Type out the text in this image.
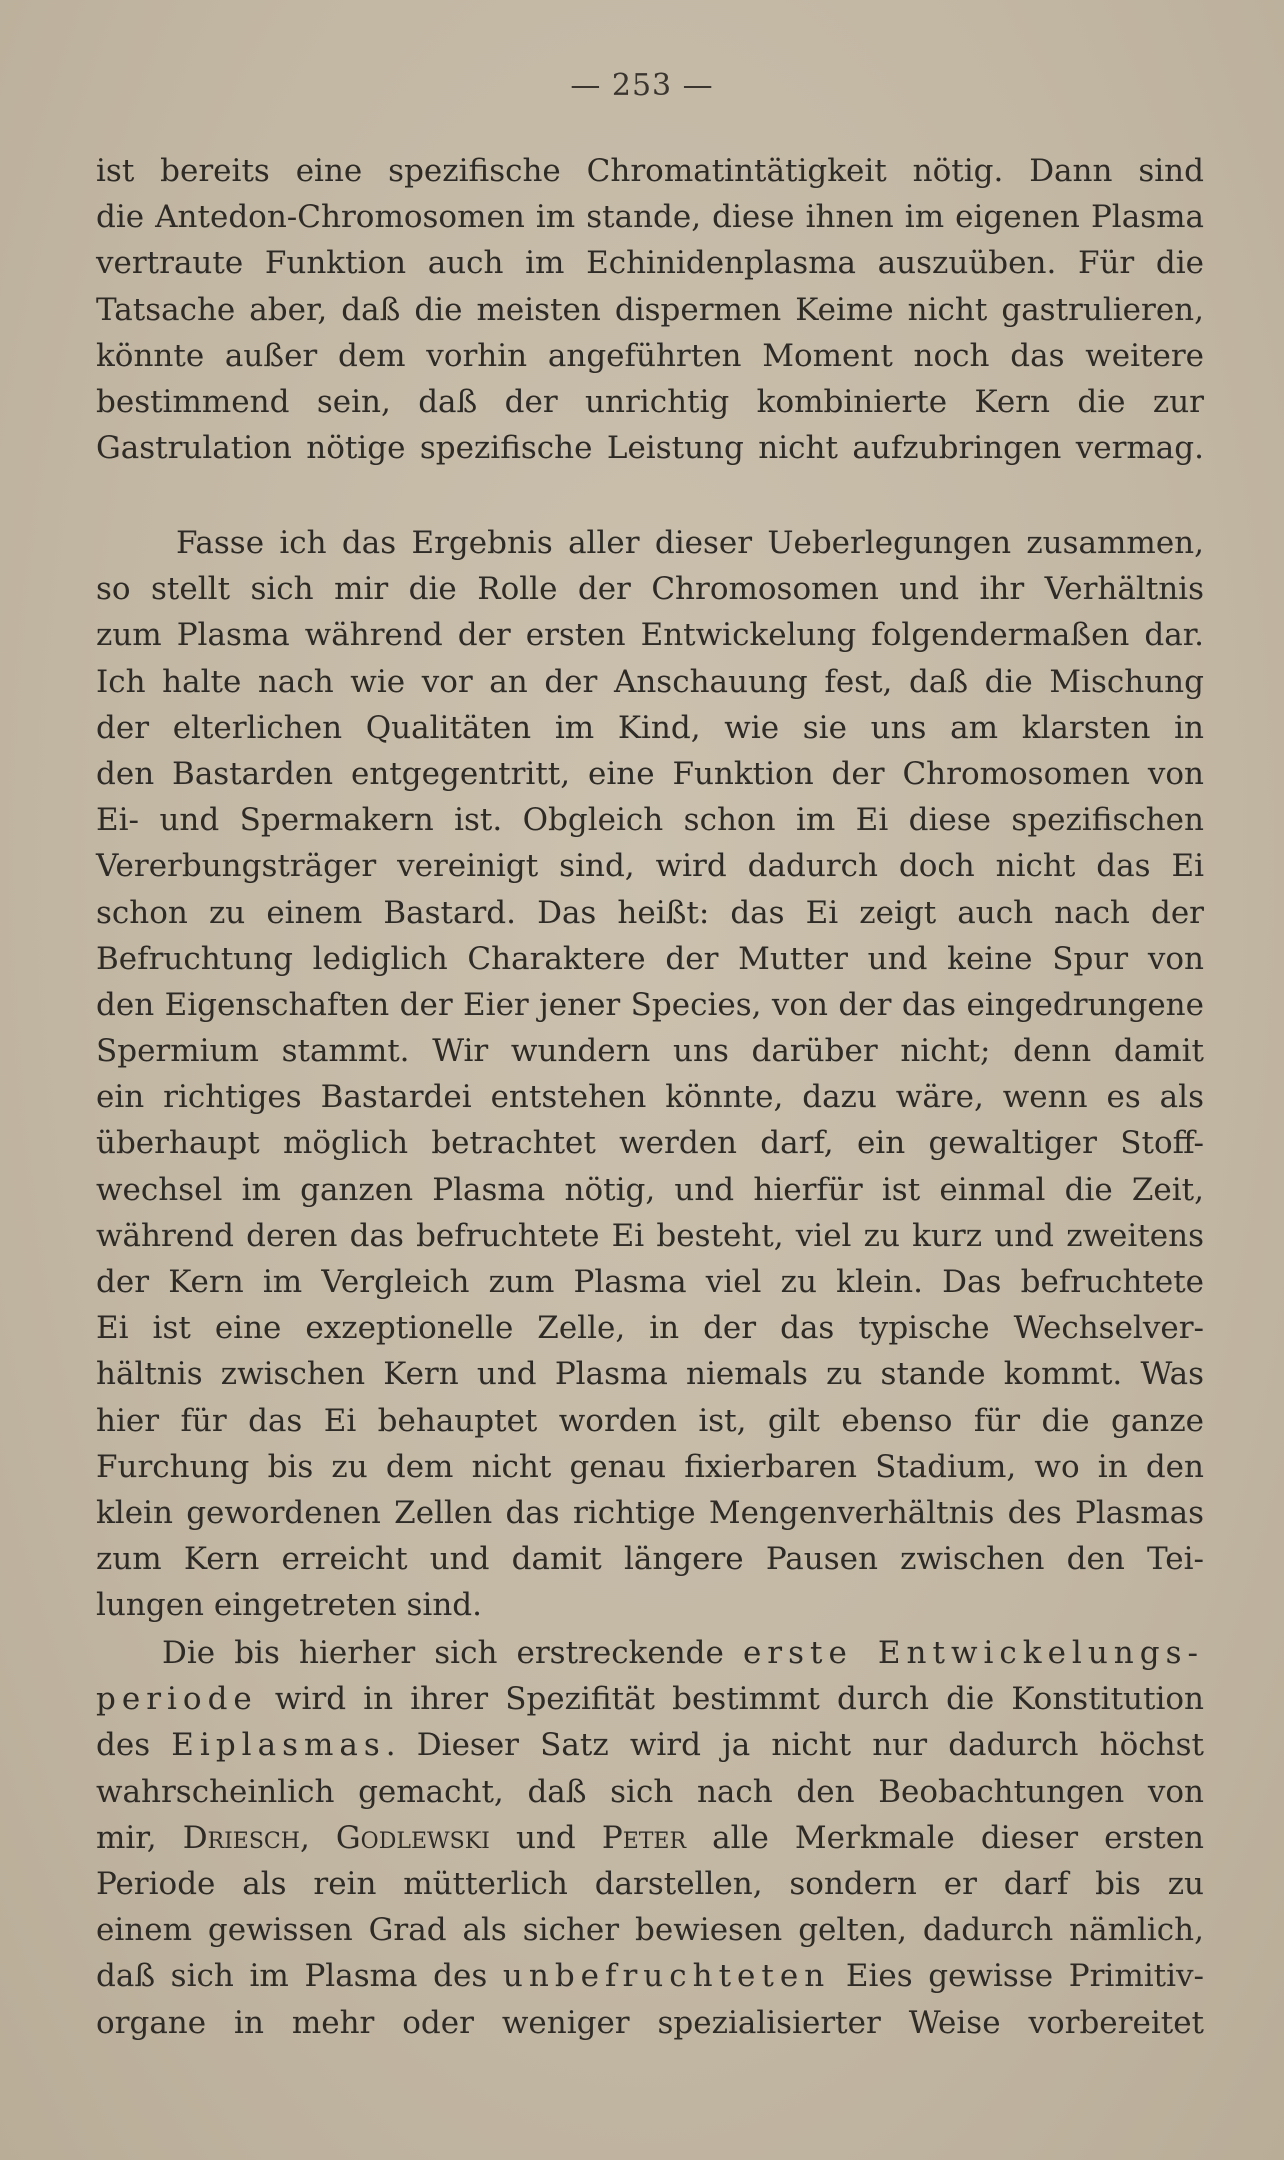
— 253 —
ist bereits eine spezifische Chromatintätigkeit nötig. Dann sind
die Antedon-Chromosomen im stande, diese ihnen im eigenen Plasma
vertraute Funktion auch im Echinidenplasma auszuüben. Für die
Tatsache aber, daß die meisten dispermen Keime nicht gastrulieren,
könnte außer dem vorhin angeführten Moment noch das weitere
bestimmend sein, daß der unrichtig kombinierte Kern die zur
Gastrulation nötige spezifische Leistung nicht aufzubringen vermag.
Fasse ich das Ergebnis aller dieser Ueberlegungen zusammen,
so stellt sich mir die Rolle der Chromosomen und ihr Verhältnis
zum Plasma während der ersten Entwickelung folgendermaßen dar.
Ich halte nach wie vor an der Anschauung fest, daß die Mischung
der elterlichen Qualitäten im Kind, wie sie uns am klarsten in
den Bastarden entgegentritt, eine Funktion der Chromosomen von
Ei- und Spermakern ist. Obgleich schon im Ei diese spezifischen
Vererbungsträger vereinigt sind, wird dadurch doch nicht das Ei
schon zu einem Bastard. Das heißt: das Ei zeigt auch nach der
Befruchtung lediglich Charaktere der Mutter und keine Spur von
den Eigenschaften der Eier jener Species, von der das eingedrungene
Spermium stammt. Wir wundern uns darüber nicht; denn damit
ein richtiges Bastardei entstehen könnte, dazu wäre, wenn es als
überhaupt möglich betrachtet werden darf, ein gewaltiger Stoff-
wechsel im ganzen Plasma nötig, und hierfür ist einmal die Zeit,
während deren das befruchtete Ei besteht, viel zu kurz und zweitens
der Kern im Vergleich zum Plasma viel zu klein. Das befruchtete
Ei ist eine exzeptionelle Zelle, in der das typische Wechselver-
hältnis zwischen Kern und Plasma niemals zu stande kommt. Was
hier für das Ei behauptet worden ist, gilt ebenso für die ganze
Furchung bis zu dem nicht genau fixierbaren Stadium, wo in den
klein gewordenen Zellen das richtige Mengenverhältnis des Plasmas
zum Kern erreicht und damit längere Pausen zwischen den Tei-
lungen eingetreten sind.
Die bis hierher sich erstreckende erste Entwickelungs-
periode wird in ihrer Spezifität bestimmt durch die Konstitution
des Eiplasmas. Dieser Satz wird ja nicht nur dadurch höchst
wahrscheinlich gemacht, daß sich nach den Beobachtungen von
mir, Driesch, Godlewski und Peter alle Merkmale dieser ersten
Periode als rein mütterlich darstellen, sondern er darf bis zu
einem gewissen Grad als sicher bewiesen gelten, dadurch nämlich,
daß sich im Plasma des unbefruchteten Eies gewisse Primitiv-
organe in mehr oder weniger spezialisierter Weise vorbereitet
